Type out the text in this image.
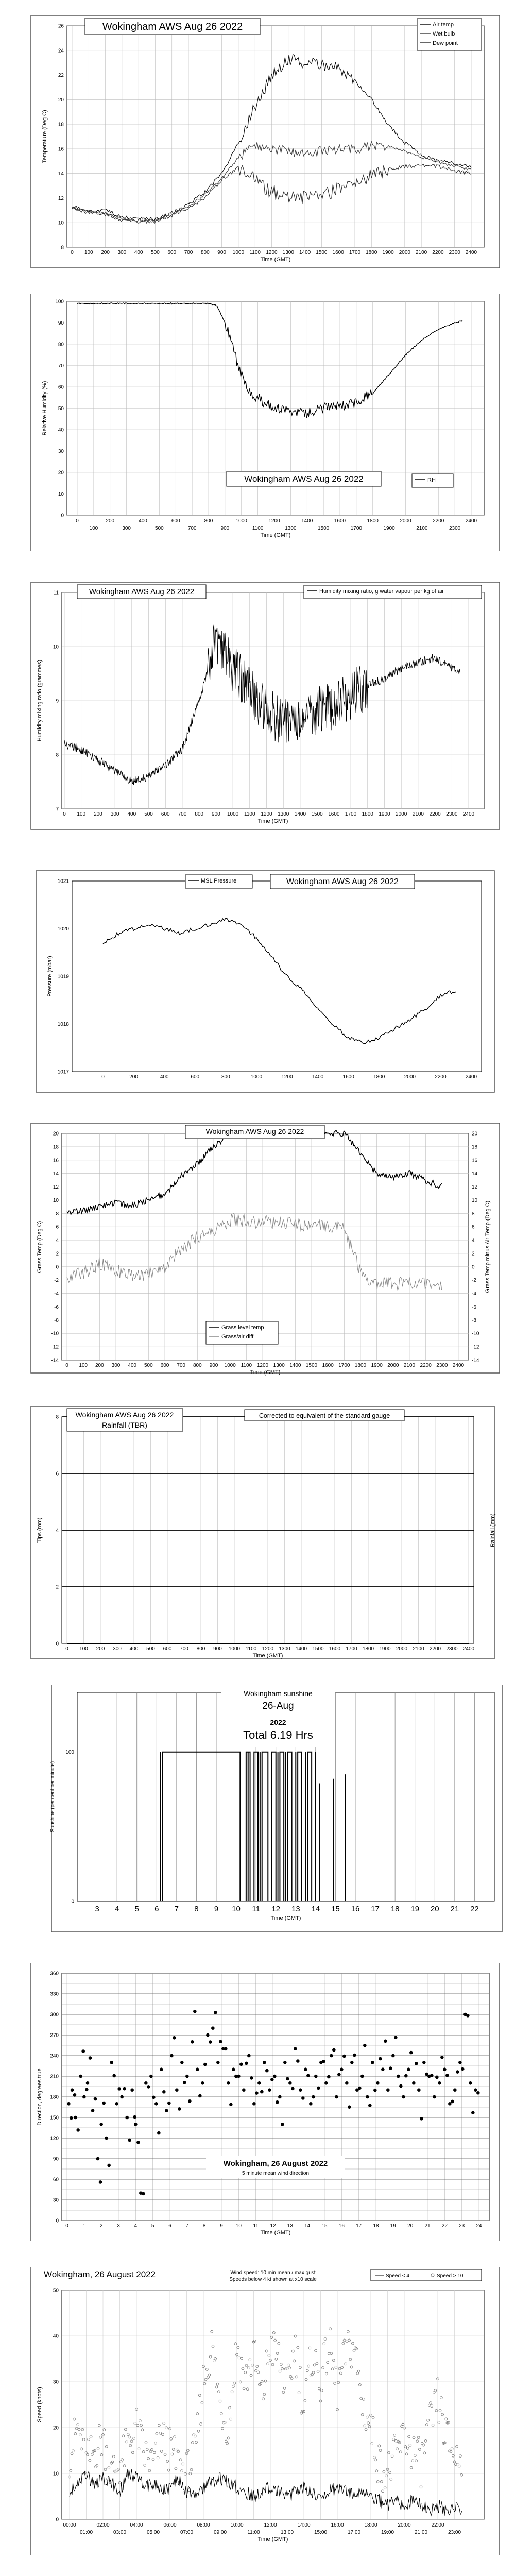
0 100 200 300 400 500 600 700 800 900 1000 1100 1200 1300 1400 1500 1600 1700 1800 1900 2000 2100 2200 2300 2400
8
10
12
14
16
18
20
22
24
26
Time (GMT)
Temperature (Deg C)
Wokingham AWS Aug 26 2022	Air temp
Wet bulb
Dew point
0
100
200
300
400
500
600
700
800
900
1000
1100
1200
1300
1400
1500
1600
1700
1800
1900
2000
2100
2200
2300
2400
0
10
20
30
40
50
60
70
80
90
100
Time (GMT)
Relative Humidity (%)
Wokingham AWS Aug 26 2022	RH
0 100 200 300 400 500 600 700 800 900 1000 1100 1200 1300 1400 1500 1600 1700 1800 1900 2000 2100 2200 2300 2400
7
8
9
10
11
Time (GMT)
Humidity mixing ratio (grammes)
Wokingham AWS Aug 26 2022	Humidity mixing ratio, g water vapour per kg of air
0	200	400	600	800	1000	1200	1400	1600	1800	2000	2200	2400
1017
1018
1019
1020
1021
Pressure (mbar)
MSL Pressure	Wokingham AWS Aug 26 2022
0 100 200 300 400 500 600 700 800 900 1000 1100 1200 1300 1400 1500 1600 1700 1800 1900 2000 2100 2200 2300 2400
-14	-14
-12	-12
-10	-10
-8	-8
-6	-6
-4	-4
-2	-2
0	0
2	2
4	4
6	6
8	8
10	10
12	12
14	14
16	16
18	18
20	20
Time (GMT)
Grass Temp (Deg C)	Grass Temp minus Air Temp (Deg C)
Wokingham AWS Aug 26 2022
Grass level temp
Grass/air diff
0 100 200 300 400 500 600 700 800 900 1000 1100 1200 1300 1400 1500 1600 1700 1800 1900 2000 2100 2200 2300 2400
0
2
4
6
8
Time (GMT)
Tips (mm)	Rainfall (mm)
Wokingham AWS Aug 26 2022
Rainfall (TBR)
Corrected to equivalent of the standard gauge
3 4 5 6 7 8 9 10 11 12 13 14 15 16 17 18 19 20 21 22
0
100
Time (GMT)
Sunshine (per cent per minute)
Wokingham sunshine
26-Aug
2022
Total 6.19 Hrs
0	1	2	3	4	5	6	7	8	9 10 11 12 13 14 15 16 17 18 19 20 21 22 23 24
0
30
60
90
120
150
180
210
240
270
300
330
360
Time (GMT)
Direction, degrees true
Wokingham, 26 August 2022
5 minute mean wind direction
00:00
01:00
02:00
03:00
04:00
05:00
06:00
07:00
08:00
09:00
10:00
11:00
12:00
13:00
14:00
15:00
16:00
17:00
18:00
19:00
20:00
21:00
22:00
23:00
0
10
20
30
40
50
Time (GMT)
Speed (knots)
Wind speed: 10 min mean / max gust
Speeds below 4 kt shown at x10 scale
Wokingham, 26 August 2022	Speed < 4	Speed > 10
